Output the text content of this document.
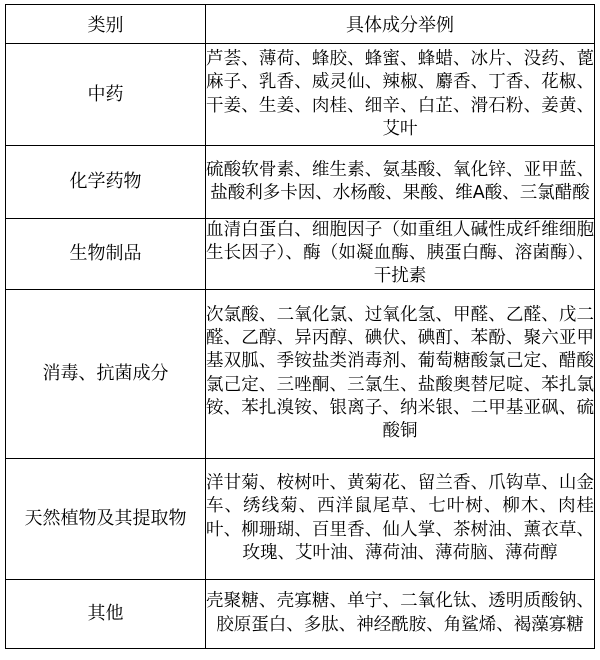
类别	具体成分举例
中药	芦荟、薄荷、蜂胶、蜂蜜、蜂蜡、冰片、没药、蓖麻子、乳香、威灵仙、辣椒、麝香、丁香、花椒、干姜、生姜、肉桂、细辛、白芷、滑石粉、姜黄、艾叶
化学药物	硫酸软骨素、维生素、氨基酸、氧化锌、亚甲蓝、盐酸利多卡因、水杨酸、果酸、维A酸、三氯醋酸
生物制品	血清白蛋白、细胞因子（如重组人碱性成纤维细胞生长因子）、酶（如凝血酶、胰蛋白酶、溶菌酶）、干扰素
消毒、抗菌成分	次氯酸、二氧化氯、过氧化氢、甲醛、乙醛、戊二醛、乙醇、异丙醇、碘伏、碘酊、苯酚、聚六亚甲基双胍、季铵盐类消毒剂、葡萄糖酸氯己定、醋酸氯己定、三唑酮、三氯生、盐酸奥替尼啶、苯扎氯铵、苯扎溴铵、银离子、纳米银、二甲基亚砜、硫酸铜
天然植物及其提取物	洋甘菊、桉树叶、黄菊花、留兰香、爪钩草、山金车、绣线菊、西洋鼠尾草、七叶树、柳木、肉桂叶、柳珊瑚、百里香、仙人掌、茶树油、薰衣草、玫瑰、艾叶油、薄荷油、薄荷脑、薄荷醇
其他	壳聚糖、壳寡糖、单宁、二氧化钛、透明质酸钠、胶原蛋白、多肽、神经酰胺、角鲨烯、褐藻寡糖
